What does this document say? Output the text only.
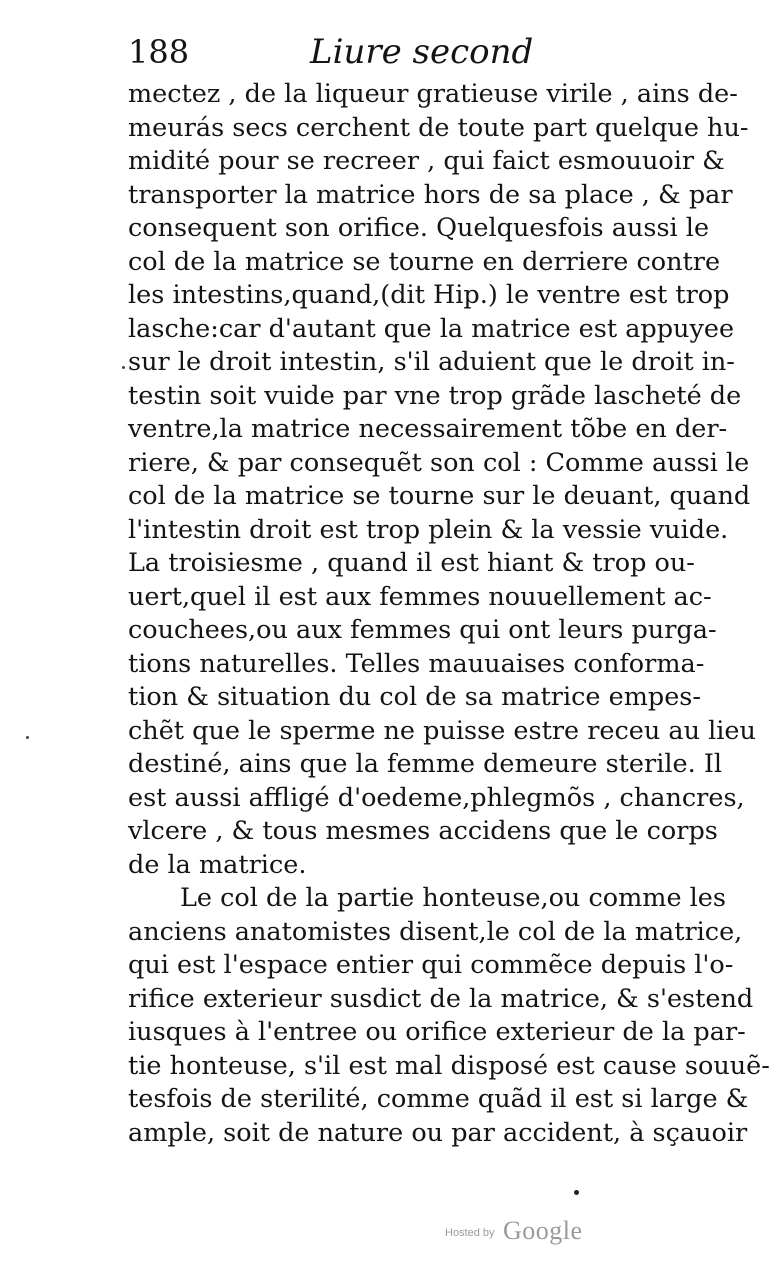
188	Liure second
mectez , de la liqueur gratieuse virile , ains de-
meurás secs cerchent de toute part quelque hu-
midité pour se recreer , qui faict esmouuoir &
transporter la matrice hors de sa place , & par
consequent son orifice. Quelquesfois aussi le
col de la matrice se tourne en derriere contre
les intestins,quand,(dit Hip.) le ventre est trop
lasche:car d'autant que la matrice est appuyee
sur le droit intestin, s'il aduient que le droit in-
testin soit vuide par vne trop grãde lascheté de
ventre,la matrice necessairement tõbe en der-
riere, & par consequẽt son col : Comme aussi le
col de la matrice se tourne sur le deuant, quand
l'intestin droit est trop plein & la vessie vuide.
La troisiesme , quand il est hiant & trop ou-
uert,quel il est aux femmes nouuellement ac-
couchees,ou aux femmes qui ont leurs purga-
tions naturelles. Telles mauuaises conforma-
tion & situation du col de sa matrice empes-
chẽt que le sperme ne puisse estre receu au lieu
destiné, ains que la femme demeure sterile. Il
est aussi affligé d'oedeme,phlegmõs , chancres,
vlcere , & tous mesmes accidens que le corps
de la matrice.
Le col de la partie honteuse,ou comme les
anciens anatomistes disent,le col de la matrice,
qui est l'espace entier qui commẽce depuis l'o-
rifice exterieur susdict de la matrice, & s'estend
iusques à l'entree ou orifice exterieur de la par-
tie honteuse, s'il est mal disposé est cause souuẽ-
tesfois de sterilité, comme quãd il est si large &
ample, soit de nature ou par accident, à sçauoir
Hosted by Google
